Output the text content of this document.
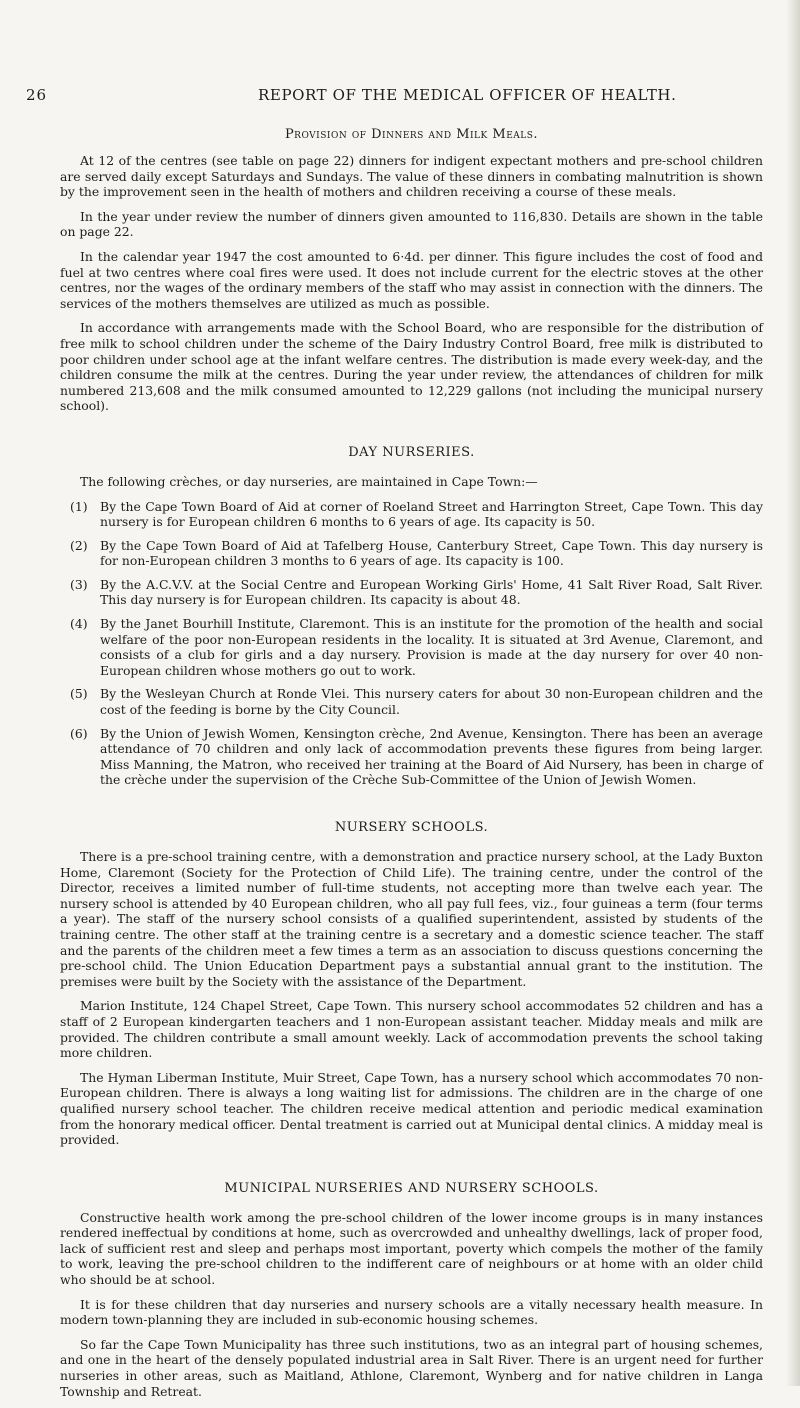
26	REPORT OF THE MEDICAL OFFICER OF HEALTH.
Provision of Dinners and Milk Meals.

At 12 of the centres (see table on page 22) dinners for indigent expectant mothers and pre-school children are served daily except Saturdays and Sundays. The value of these dinners in combating malnutrition is shown by the improvement seen in the health of mothers and children receiving a course of these meals.

In the year under review the number of dinners given amounted to 116,830. Details are shown in the table on page 22.

In the calendar year 1947 the cost amounted to 6·4d. per dinner. This figure includes the cost of food and fuel at two centres where coal fires were used. It does not include current for the electric stoves at the other centres, nor the wages of the ordinary members of the staff who may assist in connection with the dinners. The services of the mothers themselves are utilized as much as possible.

In accordance with arrangements made with the School Board, who are responsible for the distribution of free milk to school children under the scheme of the Dairy Industry Control Board, free milk is distributed to poor children under school age at the infant welfare centres. The distribution is made every week-day, and the children consume the milk at the centres. During the year under review, the attendances of children for milk numbered 213,608 and the milk consumed amounted to 12,229 gallons (not including the municipal nursery school).

DAY NURSERIES.

The following crèches, or day nurseries, are maintained in Cape Town:—

(1)	By the Cape Town Board of Aid at corner of Roeland Street and Harrington Street, Cape Town. This day nursery is for European children 6 months to 6 years of age. Its capacity is 50.
(2)	By the Cape Town Board of Aid at Tafelberg House, Canterbury Street, Cape Town. This day nursery is for non-European children 3 months to 6 years of age. Its capacity is 100.
(3)	By the A.C.V.V. at the Social Centre and European Working Girls' Home, 41 Salt River Road, Salt River. This day nursery is for European children. Its capacity is about 48.
(4)	By the Janet Bourhill Institute, Claremont. This is an institute for the promotion of the health and social welfare of the poor non-European residents in the locality. It is situated at 3rd Avenue, Claremont, and consists of a club for girls and a day nursery. Provision is made at the day nursery for over 40 non-European children whose mothers go out to work.
(5)	By the Wesleyan Church at Ronde Vlei. This nursery caters for about 30 non-European children and the cost of the feeding is borne by the City Council.
(6)	By the Union of Jewish Women, Kensington crèche, 2nd Avenue, Kensington. There has been an average attendance of 70 children and only lack of accommodation prevents these figures from being larger. Miss Manning, the Matron, who received her training at the Board of Aid Nursery, has been in charge of the crèche under the supervision of the Crèche Sub-Committee of the Union of Jewish Women.
NURSERY SCHOOLS.

There is a pre-school training centre, with a demonstration and practice nursery school, at the Lady Buxton Home, Claremont (Society for the Protection of Child Life). The training centre, under the control of the Director, receives a limited number of full-time students, not accepting more than twelve each year. The nursery school is attended by 40 European children, who all pay full fees, viz., four guineas a term (four terms a year). The staff of the nursery school consists of a qualified superintendent, assisted by students of the training centre. The other staff at the training centre is a secretary and a domestic science teacher. The staff and the parents of the children meet a few times a term as an association to discuss questions concerning the pre-school child. The Union Education Department pays a substantial annual grant to the institution. The premises were built by the Society with the assistance of the Department.

Marion Institute, 124 Chapel Street, Cape Town. This nursery school accommodates 52 children and has a staff of 2 European kindergarten teachers and 1 non-European assistant teacher. Midday meals and milk are provided. The children contribute a small amount weekly. Lack of accommodation prevents the school taking more children.

The Hyman Liberman Institute, Muir Street, Cape Town, has a nursery school which accommodates 70 non-European children. There is always a long waiting list for admissions. The children are in the charge of one qualified nursery school teacher. The children receive medical attention and periodic medical examination from the honorary medical officer. Dental treatment is carried out at Municipal dental clinics. A midday meal is provided.

MUNICIPAL NURSERIES AND NURSERY SCHOOLS.

Constructive health work among the pre-school children of the lower income groups is in many instances rendered ineffectual by conditions at home, such as overcrowded and unhealthy dwellings, lack of proper food, lack of sufficient rest and sleep and perhaps most important, poverty which compels the mother of the family to work, leaving the pre-school children to the indifferent care of neighbours or at home with an older child who should be at school.

It is for these children that day nurseries and nursery schools are a vitally necessary health measure. In modern town-planning they are included in sub-economic housing schemes.

So far the Cape Town Municipality has three such institutions, two as an integral part of housing schemes, and one in the heart of the densely populated industrial area in Salt River. There is an urgent need for further nurseries in other areas, such as Maitland, Athlone, Claremont, Wynberg and for native children in Langa Township and Retreat.
